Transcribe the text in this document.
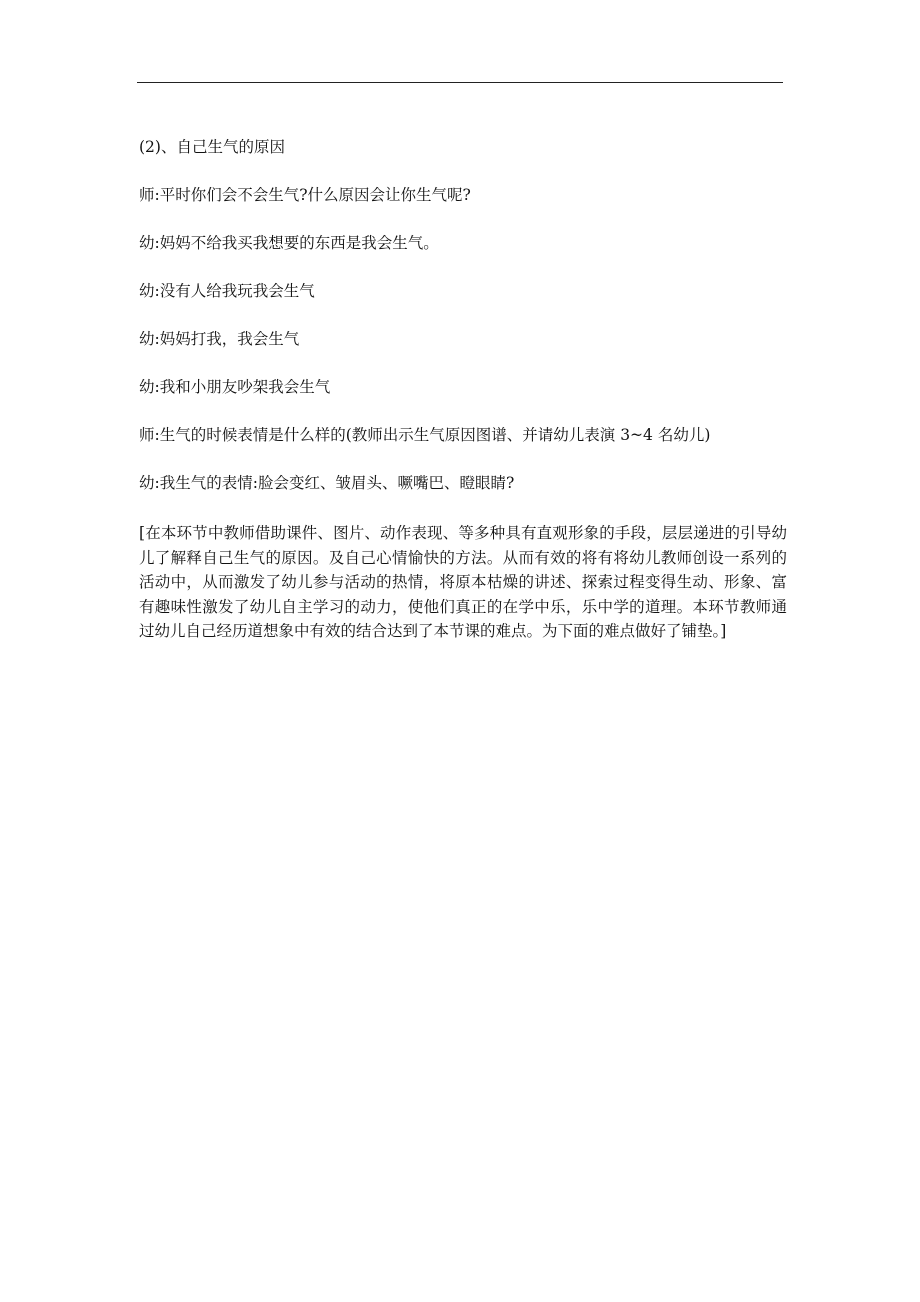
(2)、自己生气的原因

师:平时你们会不会生气?什么原因会让你生气呢?

幼:妈妈不给我买我想要的东西是我会生气。

幼:没有人给我玩我会生气

幼:妈妈打我，我会生气

幼:我和小朋友吵架我会生气

师:生气的时候表情是什么样的(教师出示生气原因图谱、并请幼儿表演 3~4 名幼儿)

幼:我生气的表情:脸会变红、皱眉头、噘嘴巴、瞪眼睛?

[在本环节中教师借助课件、图片、动作表现、等多种具有直观形象的手段，层层递进的引导幼儿了解释自己生气的原因。及自己心情愉快的方法。从而有效的将有将幼儿教师创设一系列的活动中，从而激发了幼儿参与活动的热情，将原本枯燥的讲述、探索过程变得生动、形象、富有趣味性激发了幼儿自主学习的动力，使他们真正的在学中乐，乐中学的道理。本环节教师通过幼儿自己经历道想象中有效的结合达到了本节课的难点。为下面的难点做好了铺垫。]
